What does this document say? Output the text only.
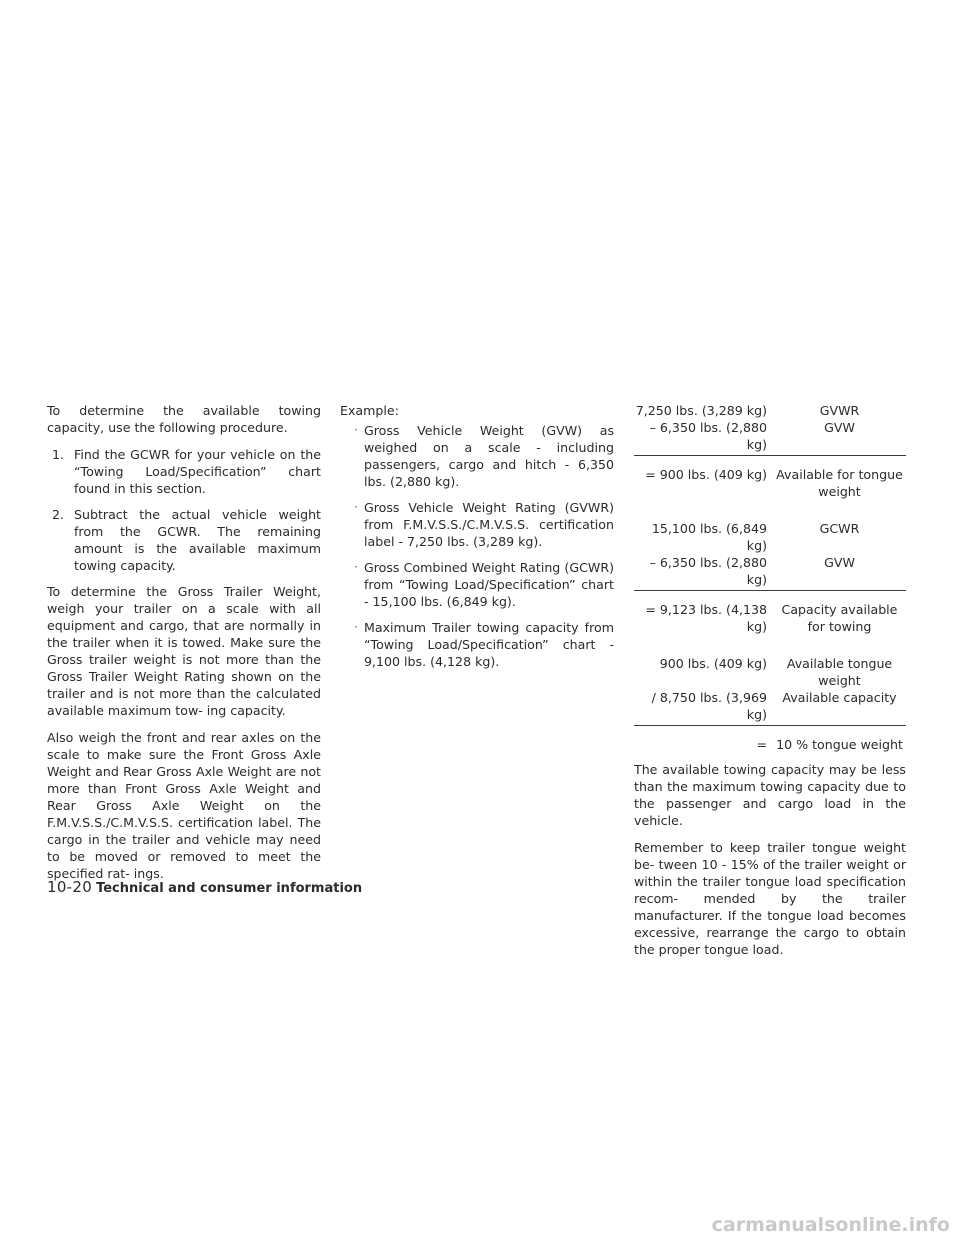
To determine the available towing capacity, use the following procedure.

1. Find the GCWR for your vehicle on the “Towing Load/Specification” chart found in this section.
2. Subtract the actual vehicle weight from the GCWR. The remaining amount is the available maximum towing capacity.

To determine the Gross Trailer Weight, weigh your trailer on a scale with all equipment and cargo, that are normally in the trailer when it is towed. Make sure the Gross trailer weight is not more than the Gross Trailer Weight Rating shown on the trailer and is not more than the calculated available maximum tow- ing capacity.

Also weigh the front and rear axles on the scale to make sure the Front Gross Axle Weight and Rear Gross Axle Weight are not more than Front Gross Axle Weight and Rear Gross Axle Weight on the F.M.V.S.S./C.M.V.S.S. certification label. The cargo in the trailer and vehicle may need to be moved or removed to meet the specified rat- ings.

Example:
· Gross Vehicle Weight (GVW) as weighed on a scale - including passengers, cargo and hitch - 6,350 lbs. (2,880 kg).
· Gross Vehicle Weight Rating (GVWR) from F.M.V.S.S./C.M.V.S.S. certification label - 7,250 lbs. (3,289 kg).
· Gross Combined Weight Rating (GCWR) from “Towing Load/Specification” chart - 15,100 lbs. (6,849 kg).
· Maximum Trailer towing capacity from “Towing Load/Specification” chart - 9,100 lbs. (4,128 kg).
7,250 lbs. (3,289 kg)	GVWR
– 6,350 lbs. (2,880 kg)
GVW
= 900 lbs. (409 kg) Available for tongue weight
15,100 lbs. (6,849 kg)
GCWR
– 6,350 lbs. (2,880 kg)
GVW
= 9,123 lbs. (4,138 kg)
Capacity available for towing
900 lbs. (409 kg)	Available tongue weight
/ 8,750 lbs. (3,969 kg)
Available capacity
= 10 % tongue weight

The available towing capacity may be less than the maximum towing capacity due to the passenger and cargo load in the vehicle.

Remember to keep trailer tongue weight be- tween 10 - 15% of the trailer weight or within the trailer tongue load specification recom- mended by the trailer manufacturer. If the tongue load becomes excessive, rearrange the cargo to obtain the proper tongue load.

10-20 Technical and consumer information
carmanualsonline.info
